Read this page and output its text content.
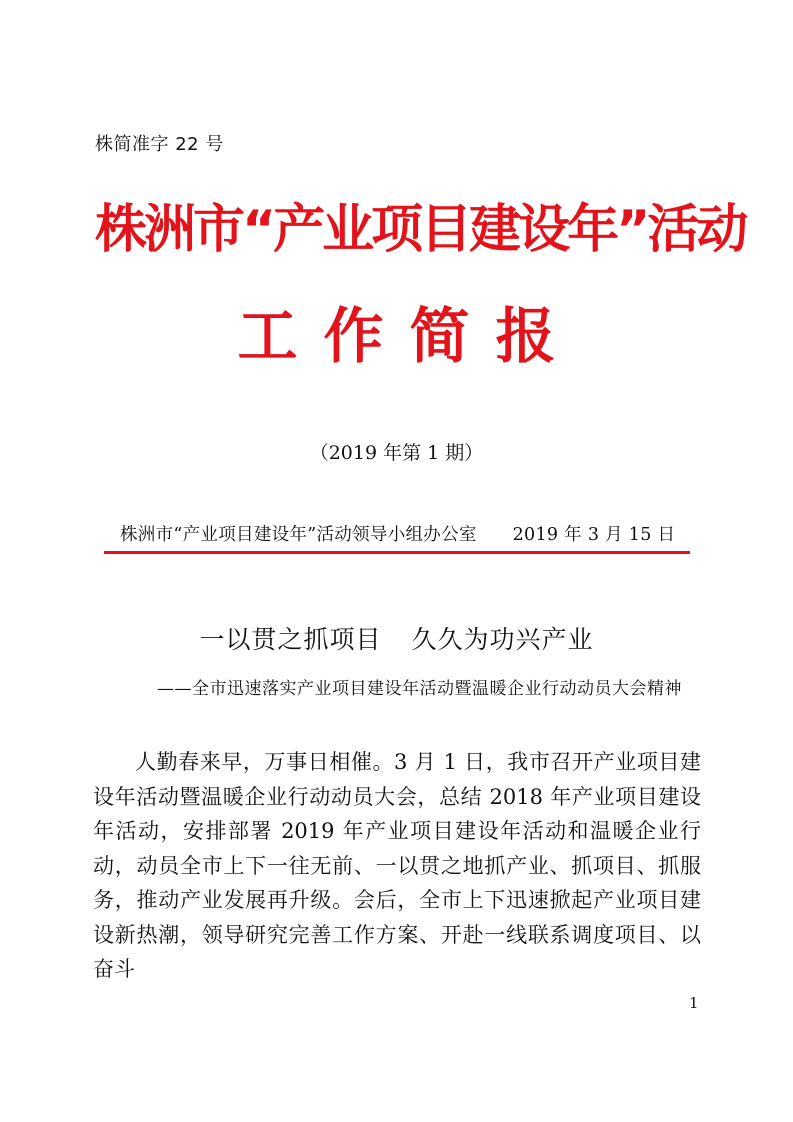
株简准字 22 号
株洲市“产业项目建设年”活动
工作简报
（2019 年第 1 期）
株洲市“产业项目建设年”活动领导小组办公室 2019 年 3 月 15 日
一以贯之抓项目 久久为功兴产业
——全市迅速落实产业项目建设年活动暨温暖企业行动动员大会精神

人勤春来早，万事日相催。3 月 1 日，我市召开产业项目建设年活动暨温暖企业行动动员大会，总结 2018 年产业项目建设年活动，安排部署 2019 年产业项目建设年活动和温暖企业行动，动员全市上下一往无前、一以贯之地抓产业、抓项目、抓服务，推动产业发展再升级。会后，全市上下迅速掀起产业项目建设新热潮，领导研究完善工作方案、开赴一线联系调度项目、以奋斗

1
